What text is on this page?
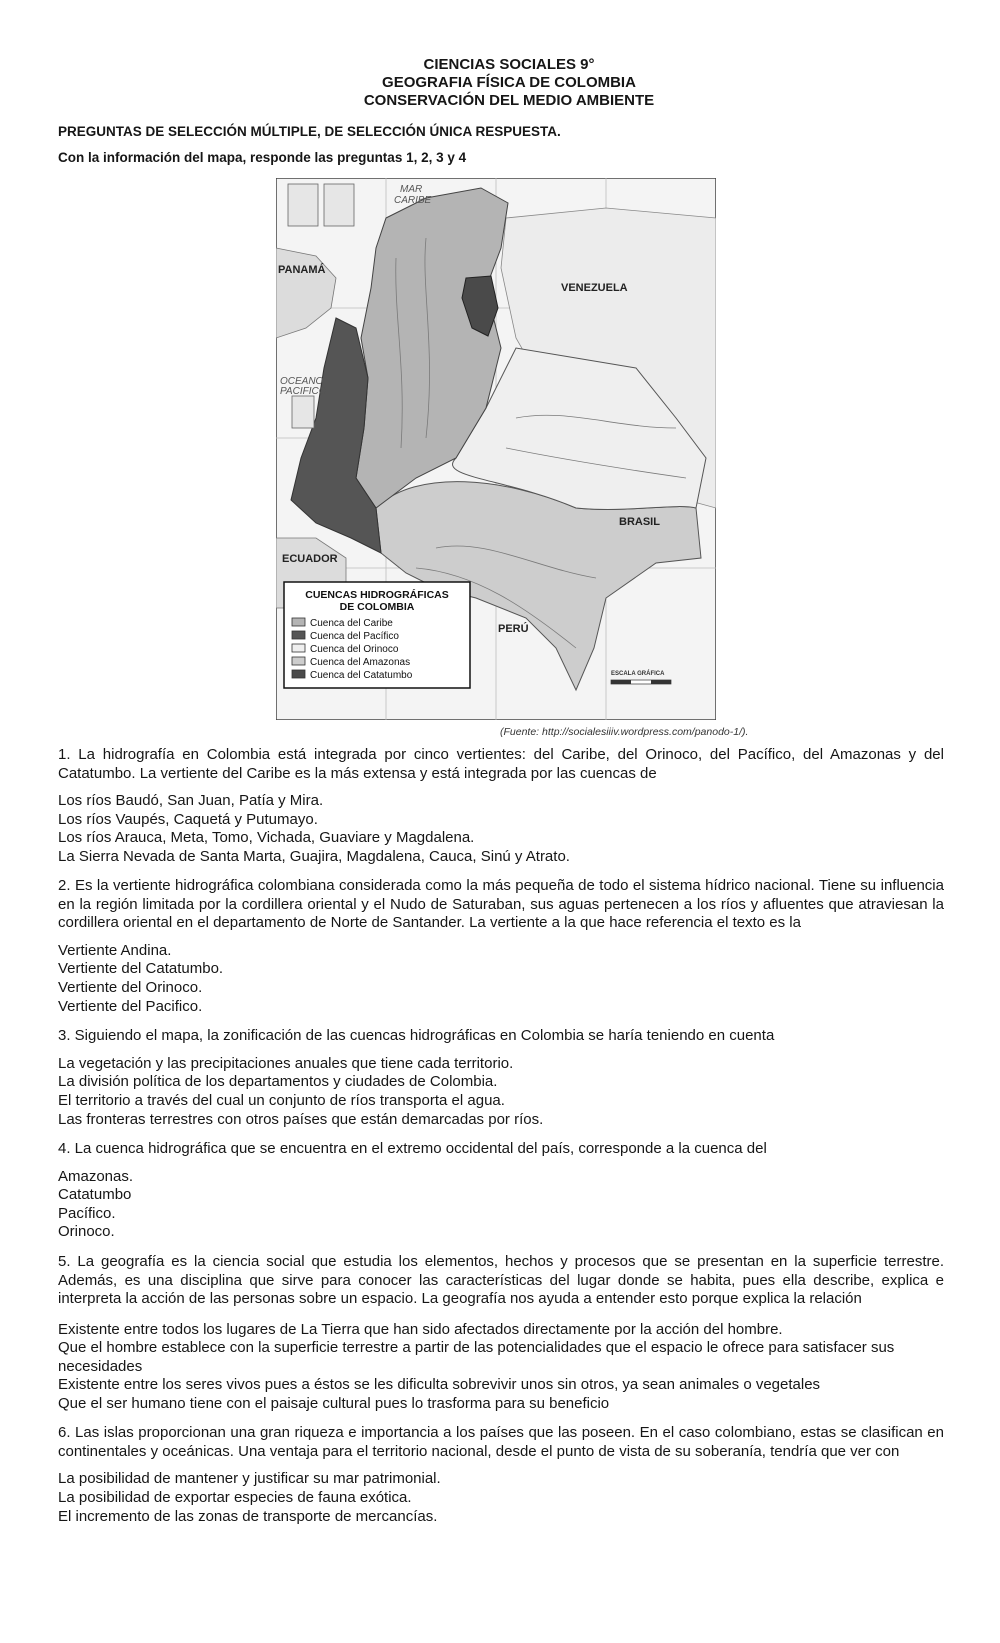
CIENCIAS SOCIALES 9°
GEOGRAFIA FÍSICA DE COLOMBIA
CONSERVACIÓN DEL MEDIO AMBIENTE
PREGUNTAS DE SELECCIÓN MÚLTIPLE, DE SELECCIÓN ÚNICA RESPUESTA.
Con la información del mapa, responde las preguntas 1, 2, 3 y 4
PANAMÁ
VENEZUELA
BRASIL
ECUADOR
PERÚ
MAR
CARIBE
OCEANO
PACIFICO
CUENCAS HIDROGRÁFICAS
DE COLOMBIA
Cuenca del Caribe
Cuenca del Pacífico
Cuenca del Orinoco
Cuenca del Amazonas
Cuenca del Catatumbo	ESCALA GRÁFICA
(Fuente: http://socialesiiiv.wordpress.com/panodo-1/).

1. La hidrografía en Colombia está integrada por cinco vertientes: del Caribe, del Orinoco, del Pacífico, del Amazonas y del Catatumbo. La vertiente del Caribe es la más extensa y está integrada por las cuencas de

Los ríos Baudó, San Juan, Patía y Mira.
Los ríos Vaupés, Caquetá y Putumayo.
Los ríos Arauca, Meta, Tomo, Vichada, Guaviare y Magdalena.
La Sierra Nevada de Santa Marta, Guajira, Magdalena, Cauca, Sinú y Atrato.

2. Es la vertiente hidrográfica colombiana considerada como la más pequeña de todo el sistema hídrico nacional. Tiene su influencia en la región limitada por la cordillera oriental y el Nudo de Saturaban, sus aguas pertenecen a los ríos y afluentes que atraviesan la cordillera oriental en el departamento de Norte de Santander. La vertiente a la que hace referencia el texto es la

Vertiente Andina.
Vertiente del Catatumbo.
Vertiente del Orinoco.
Vertiente del Pacifico.

3. Siguiendo el mapa, la zonificación de las cuencas hidrográficas en Colombia se haría teniendo en cuenta

La vegetación y las precipitaciones anuales que tiene cada territorio.
La división política de los departamentos y ciudades de Colombia.
El territorio a través del cual un conjunto de ríos transporta el agua.
Las fronteras terrestres con otros países que están demarcadas por ríos.

4. La cuenca hidrográfica que se encuentra en el extremo occidental del país, corresponde a la cuenca del

Amazonas.
Catatumbo
Pacífico.
Orinoco.

5. La geografía es la ciencia social que estudia los elementos, hechos y procesos que se presentan en la superficie terrestre. Además, es una disciplina que sirve para conocer las características del lugar donde se habita, pues ella describe, explica e interpreta la acción de las personas sobre un espacio. La geografía nos ayuda a entender esto porque explica la relación

Existente entre todos los lugares de La Tierra que han sido afectados directamente por la acción del hombre.
Que el hombre establece con la superficie terrestre a partir de las potencialidades que el espacio le ofrece para satisfacer sus necesidades
Existente entre los seres vivos pues a éstos se les dificulta sobrevivir unos sin otros, ya sean animales o vegetales
Que el ser humano tiene con el paisaje cultural pues lo trasforma para su beneficio

6. Las islas proporcionan una gran riqueza e importancia a los países que las poseen. En el caso colombiano, estas se clasifican en continentales y oceánicas. Una ventaja para el territorio nacional, desde el punto de vista de su soberanía, tendría que ver con

La posibilidad de mantener y justificar su mar patrimonial.
La posibilidad de exportar especies de fauna exótica.
El incremento de las zonas de transporte de mercancías.
